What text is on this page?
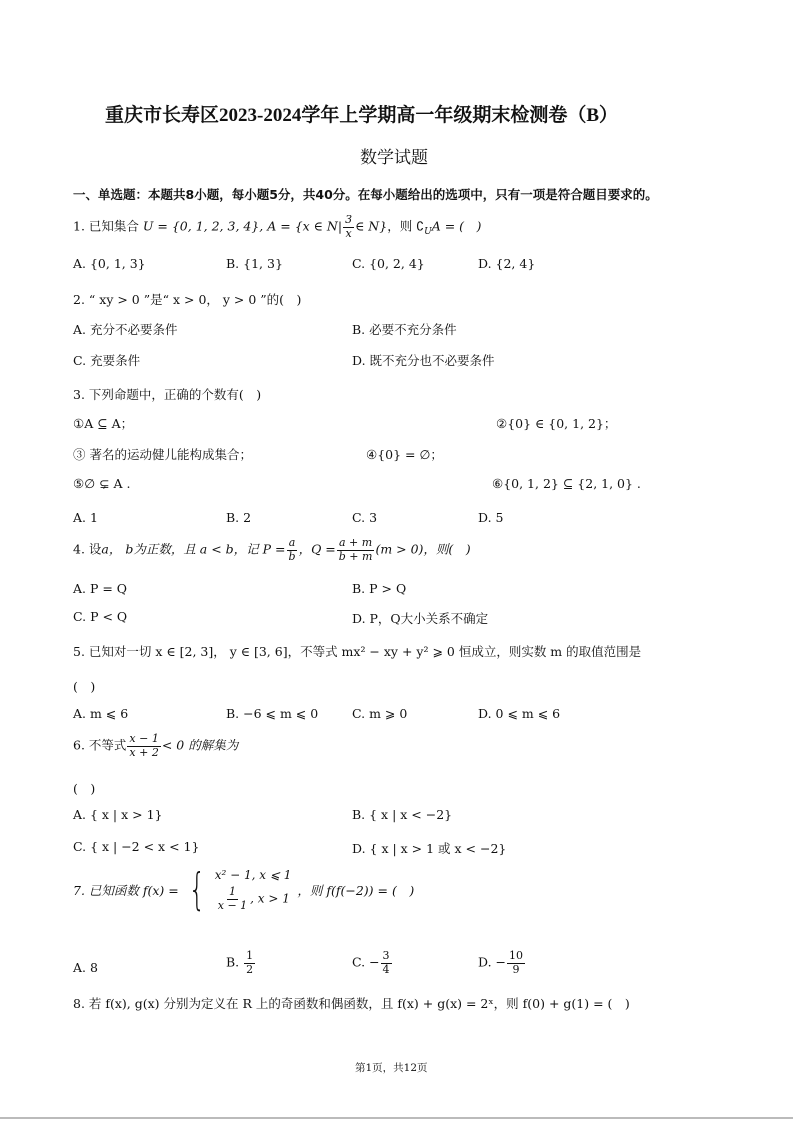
重庆市长寿区2023-2024学年上学期高一年级期末检测卷（B）
数学试题
一、单选题：本题共8小题，每小题5分，共40分。在每小题给出的选项中，只有一项是符合题目要求的。
1. 已知集合 U = {0, 1, 2, 3, 4}, A = {x ∈ $N| \frac{3}{x}$ ∈ N}，则 $∁_UA$ = (　)
A. {0, 1, 3}	B. {1, 3}	C. {0, 2, 4}	D. {2, 4}
2. “ xy > 0 ”是“ x > 0， y > 0 ”的(　)
A. 充分不必要条件	B. 必要不充分条件
C. 充要条件	D. 既不充分也不必要条件
3. 下列命题中，正确的个数有(　)
①A ⊆ A；	②{0} ∈ {0, 1, 2}；
③ 著名的运动健儿能构成集合；	④{0} = ∅；
⑤∅ ⊊ A .	⑥{0, 1, 2} ⊆ {2, 1, 0} .
A. 1	B. 2	C. 3	D. 5
4. 设a， b为正数，且 a < b，记 $P = \frac{a}{b}$ ，$Q = \frac{a + m}{b + m} (m > 0)$，则(　)
A. P = Q	B. P > Q
C. P < Q	D. P，Q大小关系不确定
5. 已知对一切 x ∈ [2, 3]， y ∈ [3, 6]，不等式 mx² − xy + y² ⩾ 0 恒成立，则实数 m 的取值范围是
(　)
A. m ⩽ 6	B. −6 ⩽ m ⩽ 0	C. m ⩾ 0	D. 0 ⩽ m ⩽ 6
6. 不等式 $\frac{x - 1}{x + 2} < 0$ 的解集为
(　)
A. { x | x > 1}	B. { x | x < −2}
C. { x | −2 < x < 1}	D. { x | x > 1 或 x < −2}
7. 已知函数 f(x) = { x² − 1, x ⩽ 1
$\frac{1}{x - 1}$ , x > 1
，则 f(f(−2)) = (　)
A. 8	B. $\frac{1}{2}$	C. − $\frac{3}{4}$	D. − $\frac{10}{9}$
8. 若 f(x), g(x) 分别为定义在 R 上的奇函数和偶函数，且 f(x) + g(x) = 2ˣ，则 f(0) + g(1) = (　)
第1页，共12页
